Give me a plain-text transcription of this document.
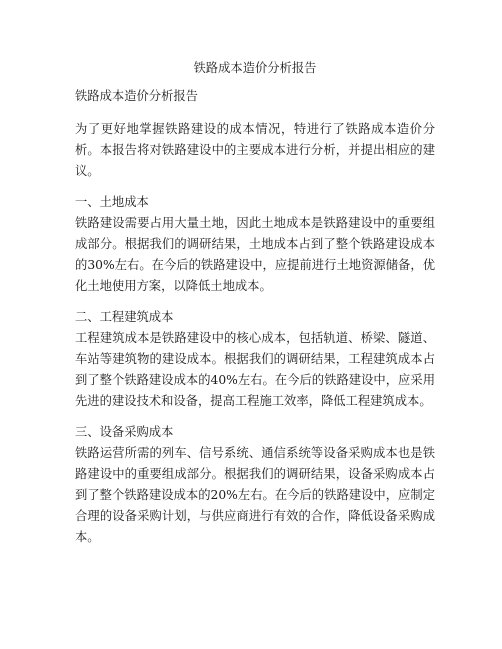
铁路成本造价分析报告
铁路成本造价分析报告

为了更好地掌握铁路建设的成本情况，特进行了铁路成本造价分析。本报告将对铁路建设中的主要成本进行分析，并提出相应的建议。

一、土地成本

铁路建设需要占用大量土地，因此土地成本是铁路建设中的重要组成部分。根据我们的调研结果，土地成本占到了整个铁路建设成本的30%左右。在今后的铁路建设中，应提前进行土地资源储备，优化土地使用方案，以降低土地成本。

二、工程建筑成本

工程建筑成本是铁路建设中的核心成本，包括轨道、桥梁、隧道、车站等建筑物的建设成本。根据我们的调研结果，工程建筑成本占到了整个铁路建设成本的40%左右。在今后的铁路建设中，应采用先进的建设技术和设备，提高工程施工效率，降低工程建筑成本。

三、设备采购成本

铁路运营所需的列车、信号系统、通信系统等设备采购成本也是铁路建设中的重要组成部分。根据我们的调研结果，设备采购成本占到了整个铁路建设成本的20%左右。在今后的铁路建设中，应制定合理的设备采购计划，与供应商进行有效的合作，降低设备采购成本。
